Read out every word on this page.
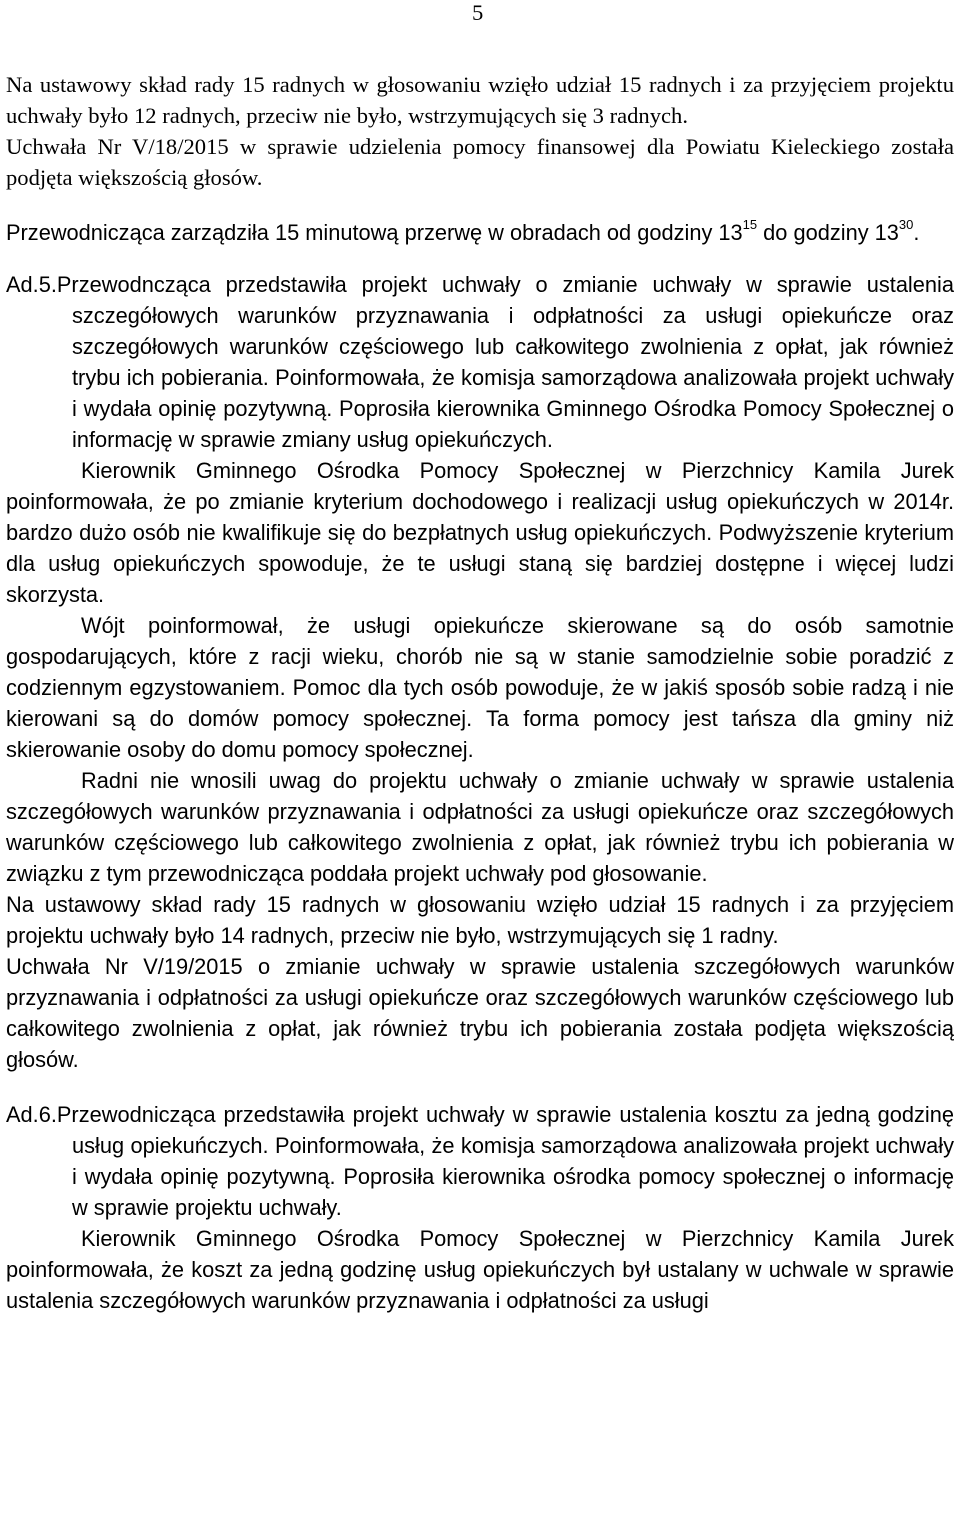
5

Na ustawowy skład rady 15 radnych w głosowaniu wzięło udział 15 radnych i za przyjęciem projektu uchwały było 12 radnych, przeciw nie było, wstrzymujących się 3 radnych.

Uchwała Nr V/18/2015 w sprawie udzielenia pomocy finansowej dla Powiatu Kieleckiego została podjęta większością głosów.

Przewodnicząca zarządziła 15 minutową przerwę w obradach od godziny $13^{15}$ do godziny $13^{30}$.

Ad.5.Przewodncząca przedstawiła projekt uchwały o zmianie uchwały w sprawie ustalenia szczegółowych warunków przyznawania i odpłatności za usługi opiekuńcze oraz szczegółowych warunków częściowego lub całkowitego zwolnienia z opłat, jak również trybu ich pobierania. Poinformowała, że komisja samorządowa analizowała projekt uchwały i wydała opinię pozytywną. Poprosiła kierownika Gminnego Ośrodka Pomocy Społecznej o informację w sprawie zmiany usług opiekuńczych.

Kierownik Gminnego Ośrodka Pomocy Społecznej w Pierzchnicy Kamila Jurek poinformowała, że po zmianie kryterium dochodowego i realizacji usług opiekuńczych w 2014r. bardzo dużo osób nie kwalifikuje się do bezpłatnych usług opiekuńczych. Podwyższenie kryterium dla usług opiekuńczych spowoduje, że te usługi staną się bardziej dostępne i więcej ludzi skorzysta.

Wójt poinformował, że usługi opiekuńcze skierowane są do osób samotnie gospodarujących, które z racji wieku, chorób nie są w stanie samodzielnie sobie poradzić z codziennym egzystowaniem. Pomoc dla tych osób powoduje, że w jakiś sposób sobie radzą i nie kierowani są do domów pomocy społecznej. Ta forma pomocy jest tańsza dla gminy niż skierowanie osoby do domu pomocy społecznej.

Radni nie wnosili uwag do projektu uchwały o zmianie uchwały w sprawie ustalenia szczegółowych warunków przyznawania i odpłatności za usługi opiekuńcze oraz szczegółowych warunków częściowego lub całkowitego zwolnienia z opłat, jak również trybu ich pobierania w związku z tym przewodnicząca poddała projekt uchwały pod głosowanie.

Na ustawowy skład rady 15 radnych w głosowaniu wzięło udział 15 radnych i za przyjęciem projektu uchwały było 14 radnych, przeciw nie było, wstrzymujących się 1 radny.

Uchwała Nr V/19/2015 o zmianie uchwały w sprawie ustalenia szczegółowych warunków przyznawania i odpłatności za usługi opiekuńcze oraz szczegółowych warunków częściowego lub całkowitego zwolnienia z opłat, jak również trybu ich pobierania została podjęta większością głosów.

Ad.6.Przewodnicząca przedstawiła projekt uchwały w sprawie ustalenia kosztu za jedną godzinę usług opiekuńczych. Poinformowała, że komisja samorządowa analizowała projekt uchwały i wydała opinię pozytywną. Poprosiła kierownika ośrodka pomocy społecznej o informację w sprawie projektu uchwały.

Kierownik Gminnego Ośrodka Pomocy Społecznej w Pierzchnicy Kamila Jurek poinformowała, że koszt za jedną godzinę usług opiekuńczych był ustalany w uchwale w sprawie ustalenia szczegółowych warunków przyznawania i odpłatności za usługi
